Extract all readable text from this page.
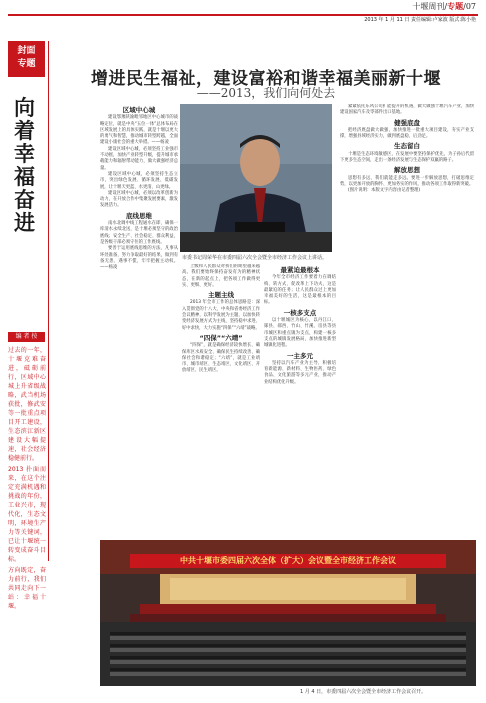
十堰周刊/专题/07
2013 年 1 月 11 日 责任编辑:卢家波 版式:陈小艳
封面
专题
向着幸福奋进
编 者 按

过去的一年，十堰克难奋进，砥砺前行，区域中心城上升省级战略，武当机场获批，修武安等一批重点项目开工建设，生态滨江新区建设大幅提速，社会经济稳健前行。

2013 扑面而来，在这个注定充满机遇和挑战的年份，工业兴市，现代化，生态文明，环境生产力等关键词，已让十堰统一转变成奋斗目标。

方向既定，奋力前行，我们共同走向下一站：幸福十堰。

增进民生福祉，建设富裕和谐幸福美丽新十堰
——2013，我们向何处去
区域中心城

建设鄂豫陕渝毗邻地区中心城市的战略定位，就是中央“五位一体”总体布局在区域发展上的具体实践，就是十堰以更大的勇气和智慧，推动城市转型跨越，全面建设小康社会的重大举措。——杨凌

建设区域中心城，必须坚持工业强市不动摇，加快产业转型升级，提升城市承载能力和辐射带动能力，做大做强经济总量。

建设区域中心城，必须坚持生态立市，突出绿色发展、循环发展、低碳发展，让十堰天更蓝、水更清、山更绿。

建设区域中心城，必须以改革创新为动力，在开放合作中集聚发展要素，激发发展活力。

底线思维

南水北调中线工程通水在即，确保一库清水永续北送，是十堰必须坚守的政治底线；安全生产、社会稳定、群众利益，是各级干部必须守住的工作底线。

要善于运用底线思维的方法，凡事从坏处准备，努力争取最好的结果，做到有备无患、遇事不慌，牢牢把握主动权。——杨凌

市委书记周荣华在市委四届六次全会暨全市经济工作会议上讲话。

上级和人民群众对我们的期望越来越高。我们要始终保持奋发有为的精神状态，在新的起点上，把各项工作做得更实、更细、更好。

主题主线

2013 年全市工作的总体思路是：深入贯彻党的十八大、中央和省委经济工作会议精神，以科学发展为主题，以加快转变经济发展方式为主线，坚持稳中求进、好中求快，大力实施“四保”“六靖”战略。

“四保”“六靖”

“四保”，就是确保经济较快增长、确保库区水质安全、确保民生持续改善、确保社会和谐稳定；“六靖”，就是工业靖市、城市靖区、生态靖区、文化靖区、开放靖区、民生靖区。

最紧迫最根本

今年全市经济工作要着力在调结构、转方式、促改革上下功夫，这是最紧迫的任务；让人民群众过上更加幸福美好的生活，这是最根本的目标。

一核多支点

以十堰城区为核心，以丹江口、郧县、郧西、竹山、竹溪、房县等县市城区和重点镇为支点，构建一核多支点的城镇发展格局，加快推进新型城镇化进程。

一主多元

坚持以汽车产业为主导，积极培育新能源、新材料、生物医药、绿色食品、文化旅游等多元产业，推动产业结构优化升级。

紧紧依托东风公司扩能提升的机遇，做大做强十堰汽车产业，加快建设国家汽车及零部件出口基地。

健强底盘

把经济底盘做大做强，加快推进一批重大项目建设，夯实产业支撑，增强县域经济实力，做到底盘稳、后劲足。

生态留白

十堰是生态环境敏感区，在发展中要坚持保护优先，为子孙后代留下更多生态空间，走出一条经济发展与生态保护双赢的路子。

解放思想

思想有多远，我们就能走多远。要进一步解放思想，打破思维定势，以更加开放的胸怀、更加务实的作风，推动各项工作取得新突破。

(图片说明：本版文字内容由记者整理)

中共十堰市委四届六次全体（扩大）会议暨全市经济工作会议
1 月 4 日，市委四届六次全会暨全市经济工作会议召开。
